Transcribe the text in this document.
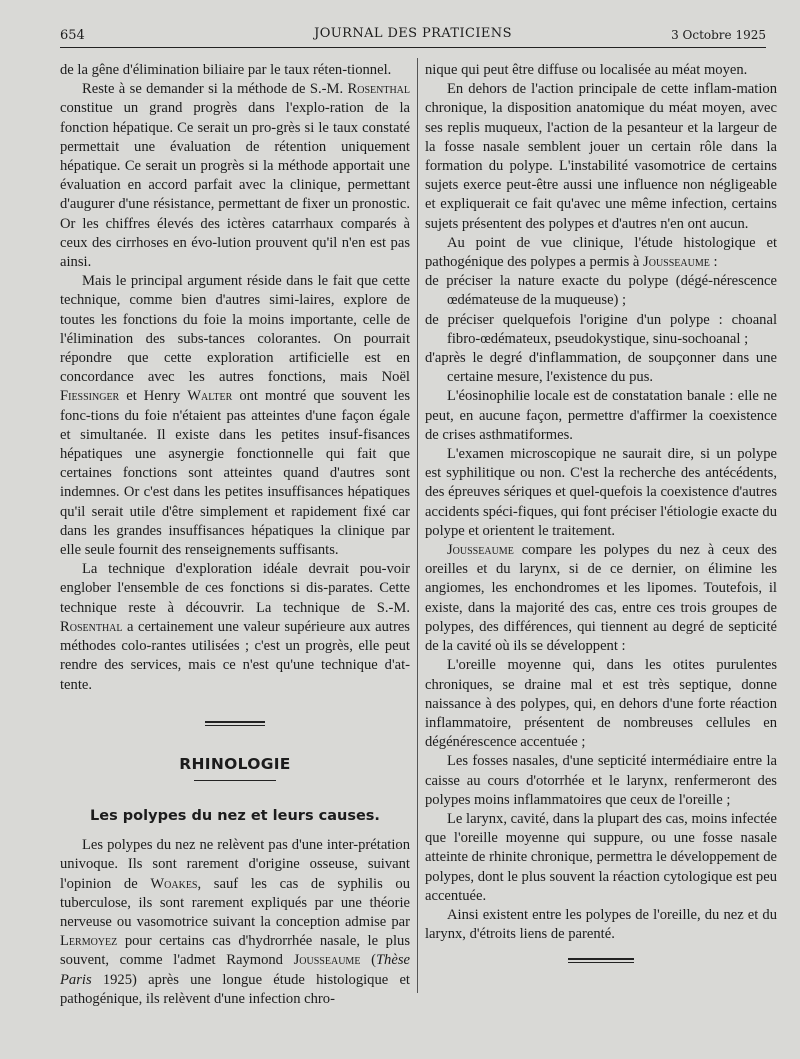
654	JOURNAL DES PRATICIENS	3 Octobre 1925

de la gêne d'élimination biliaire par le taux réten-tionnel.

Reste à se demander si la méthode de S.-M. Rosenthal constitue un grand progrès dans l'explo-ration de la fonction hépatique. Ce serait un pro-grès si le taux constaté permettait une évaluation de rétention uniquement hépatique. Ce serait un progrès si la méthode apportait une évaluation en accord parfait avec la clinique, permettant d'augurer d'une résistance, permettant de fixer un pronostic. Or les chiffres élevés des ictères catarrhaux comparés à ceux des cirrhoses en évo-lution prouvent qu'il n'en est pas ainsi.

Mais le principal argument réside dans le fait que cette technique, comme bien d'autres simi-laires, explore de toutes les fonctions du foie la moins importante, celle de l'élimination des subs-tances colorantes. On pourrait répondre que cette exploration artificielle est en concordance avec les autres fonctions, mais Noël Fiessinger et Henry Walter ont montré que souvent les fonc-tions du foie n'étaient pas atteintes d'une façon égale et simultanée. Il existe dans les petites insuf-fisances hépatiques une asynergie fonctionnelle qui fait que certaines fonctions sont atteintes quand d'autres sont indemnes. Or c'est dans les petites insuffisances hépatiques qu'il serait utile d'être simplement et rapidement fixé car dans les grandes insuffisances hépatiques la clinique par elle seule fournit des renseignements suffisants.

La technique d'exploration idéale devrait pou-voir englober l'ensemble de ces fonctions si dis-parates. Cette technique reste à découvrir. La technique de S.-M. Rosenthal a certainement une valeur supérieure aux autres méthodes colo-rantes utilisées ; c'est un progrès, elle peut rendre des services, mais ce n'est qu'une technique d'at-tente.

RHINOLOGIE
Les polypes du nez et leurs causes.

Les polypes du nez ne relèvent pas d'une inter-prétation univoque. Ils sont rarement d'origine osseuse, suivant l'opinion de Woakes, sauf les cas de syphilis ou tuberculose, ils sont rarement expliqués par une théorie nerveuse ou vasomotrice suivant la conception admise par Lermoyez pour certains cas d'hydrorrhée nasale, le plus souvent, comme l'admet Raymond Jousseaume (Thèse Paris 1925) après une longue étude histologique et pathogénique, ils relèvent d'une infection chro-

nique qui peut être diffuse ou localisée au méat moyen.

En dehors de l'action principale de cette inflam-mation chronique, la disposition anatomique du méat moyen, avec ses replis muqueux, l'action de la pesanteur et la largeur de la fosse nasale semblent jouer un certain rôle dans la formation du polype. L'instabilité vasomotrice de certains sujets exerce peut-être aussi une influence non négligeable et expliquerait ce fait qu'avec une même infection, certains sujets présentent des polypes et d'autres n'en ont aucun.

Au point de vue clinique, l'étude histologique et pathogénique des polypes a permis à Jousseaume :

de préciser la nature exacte du polype (dégé-nérescence œdémateuse de la muqueuse) ;

de préciser quelquefois l'origine d'un polype : choanal fibro-œdémateux, pseudokystique, sinu-sochoanal ;

d'après le degré d'inflammation, de soupçonner dans une certaine mesure, l'existence du pus.

L'éosinophilie locale est de constatation banale : elle ne peut, en aucune façon, permettre d'affirmer la coexistence de crises asthmatiformes.

L'examen microscopique ne saurait dire, si un polype est syphilitique ou non. C'est la recherche des antécédents, des épreuves sériques et quel-quefois la coexistence d'autres accidents spéci-fiques, qui font préciser l'étiologie exacte du polype et orientent le traitement.

Jousseaume compare les polypes du nez à ceux des oreilles et du larynx, si de ce dernier, on élimine les angiomes, les enchondromes et les lipomes. Toutefois, il existe, dans la majorité des cas, entre ces trois groupes de polypes, des différences, qui tiennent au degré de septicité de la cavité où ils se développent :

L'oreille moyenne qui, dans les otites purulentes chroniques, se draine mal et est très septique, donne naissance à des polypes, qui, en dehors d'une forte réaction inflammatoire, présentent de nombreuses cellules en dégénérescence accentuée ;

Les fosses nasales, d'une septicité intermédiaire entre la caisse au cours d'otorrhée et le larynx, renfermeront des polypes moins inflammatoires que ceux de l'oreille ;

Le larynx, cavité, dans la plupart des cas, moins infectée que l'oreille moyenne qui suppure, ou une fosse nasale atteinte de rhinite chronique, permettra le développement de polypes, dont le plus souvent la réaction cytologique est peu accentuée.

Ainsi existent entre les polypes de l'oreille, du nez et du larynx, d'étroits liens de parenté.
